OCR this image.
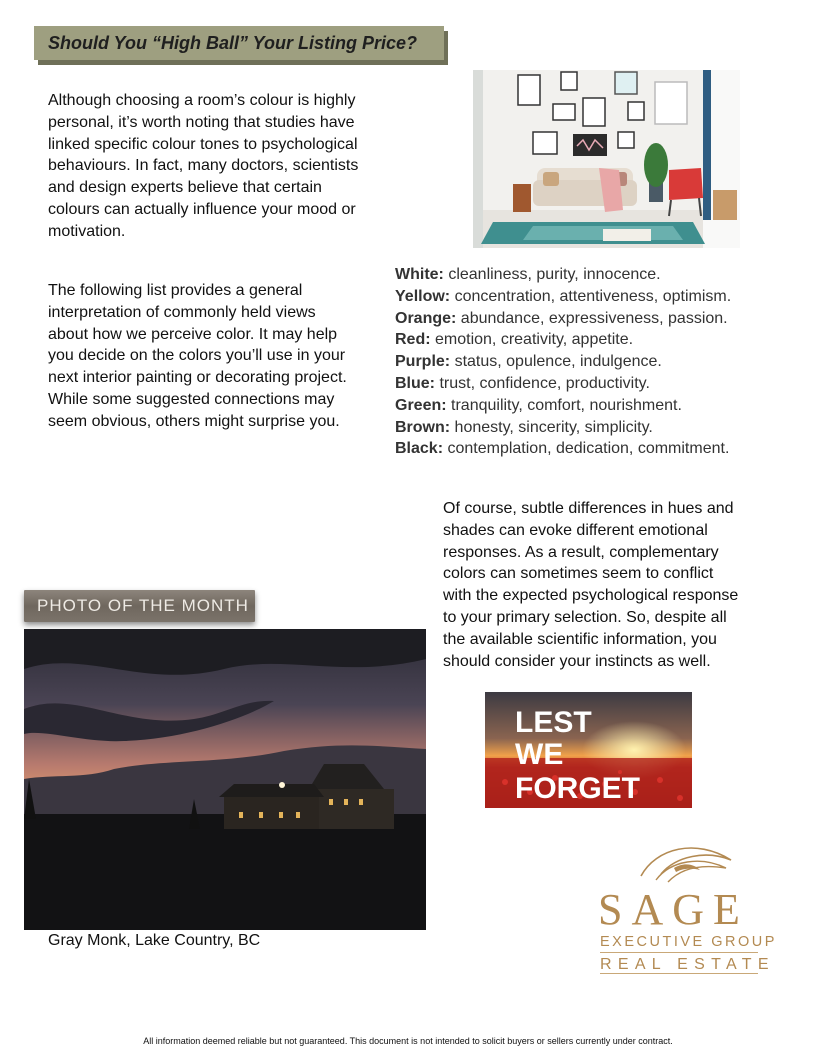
Should You “High Ball” Your Listing Price?
Although choosing a room’s colour is highly
personal, it’s worth noting that studies have
linked specific colour tones to psychological
behaviours. In fact, many doctors, scientists
and design experts believe that certain
colours can actually influence your mood or
motivation.
The following list provides a general
interpretation of commonly held views
about how we perceive color. It may help
you decide on the colors you’ll use in your
next interior painting or decorating project.
While some suggested connections may
seem obvious, others might surprise you.
White: cleanliness, purity, innocence.
Yellow: concentration, attentiveness, optimism.
Orange: abundance, expressiveness, passion.
Red: emotion, creativity, appetite.
Purple: status, opulence, indulgence.
Blue: trust, confidence, productivity.
Green: tranquility, comfort, nourishment.
Brown: honesty, sincerity, simplicity.
Black: contemplation, dedication, commitment.
Of course, subtle differences in hues and
shades can evoke different emotional
responses. As a result, complementary
colors can sometimes seem to conflict
with the expected psychological response
to your primary selection. So, despite all
the available scientific information, you
should consider your instincts as well.
PHOTO OF THE MONTH
Gray Monk, Lake Country, BC
LEST
WE
FORGET
SAGE
EXECUTIVE GROUP
REAL ESTATE
All information deemed reliable but not guaranteed. This document is not intended to solicit buyers or sellers currently under contract.
